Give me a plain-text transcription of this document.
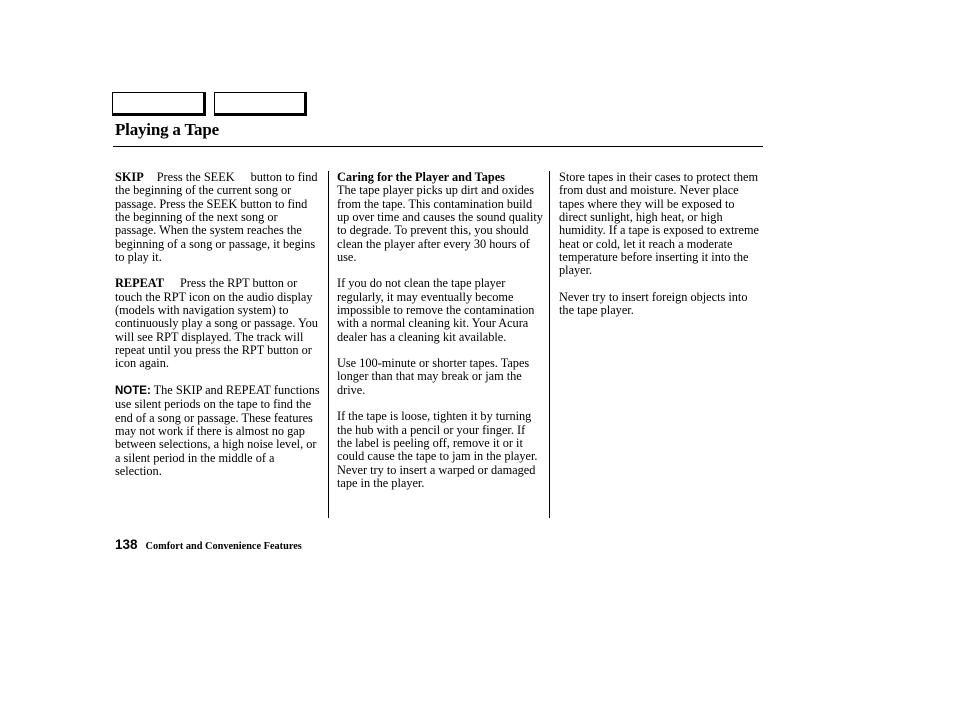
Playing a Tape

SKIP Press the SEEK button to find the beginning of the current song or passage. Press the SEEK button to find the beginning of the next song or passage. When the system reaches the beginning of a song or passage, it begins to play it.

REPEAT Press the RPT button or touch the RPT icon on the audio display (models with navigation system) to continuously play a song or passage. You will see RPT displayed. The track will repeat until you press the RPT button or icon again.

NOTE: The SKIP and REPEAT functions use silent periods on the tape to find the end of a song or passage. These features may not work if there is almost no gap between selections, a high noise level, or a silent period in the middle of a selection.

Caring for the Player and Tapes
The tape player picks up dirt and oxides from the tape. This contamination build up over time and causes the sound quality to degrade. To prevent this, you should clean the player after every 30 hours of use.

If you do not clean the tape player regularly, it may eventually become impossible to remove the contamination with a normal cleaning kit. Your Acura dealer has a cleaning kit available.

Use 100-minute or shorter tapes. Tapes longer than that may break or jam the drive.

If the tape is loose, tighten it by turning the hub with a pencil or your finger. If the label is peeling off, remove it or it could cause the tape to jam in the player. Never try to insert a warped or damaged tape in the player.

Store tapes in their cases to protect them from dust and moisture. Never place tapes where they will be exposed to direct sunlight, high heat, or high humidity. If a tape is exposed to extreme heat or cold, let it reach a moderate temperature before inserting it into the player.

Never try to insert foreign objects into the tape player.

138 Comfort and Convenience Features
